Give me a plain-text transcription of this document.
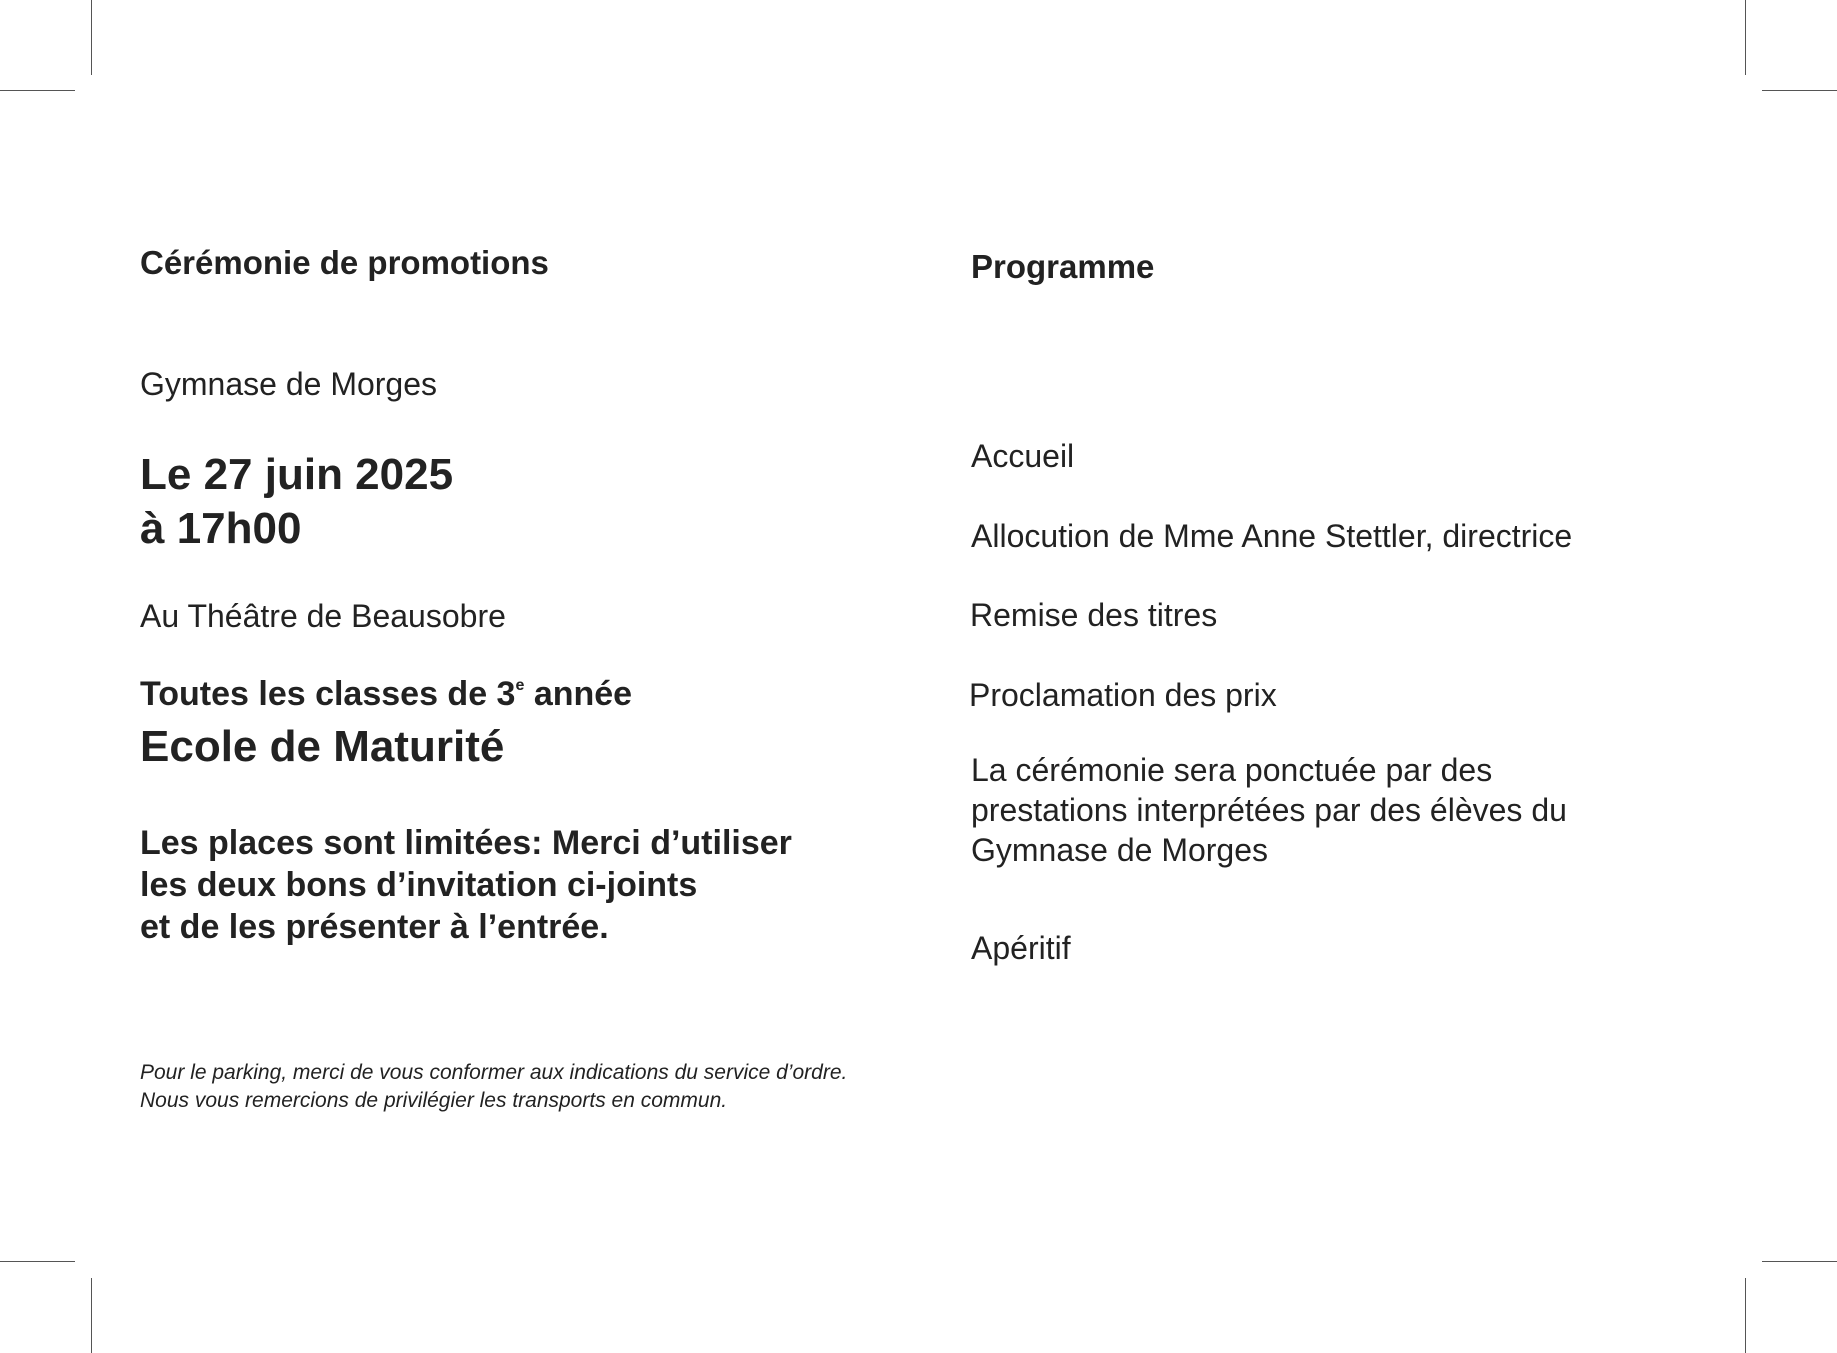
Cérémonie de promotions
Gymnase de Morges
Le 27 juin 2025
à 17h00
Au Théâtre de Beausobre
Toutes les classes de 3e année
Ecole de Maturité
Les places sont limitées: Merci d’utiliser
les deux bons d’invitation ci-joints
et de les présenter à l’entrée.
Pour le parking, merci de vous conformer aux indications du service d’ordre.
Nous vous remercions de privilégier les transports en commun.
Programme
Accueil
Allocution de Mme Anne Stettler, directrice
Remise des titres
Proclamation des prix
La cérémonie sera ponctuée par des
prestations interprétées par des élèves du
Gymnase de Morges
Apéritif
